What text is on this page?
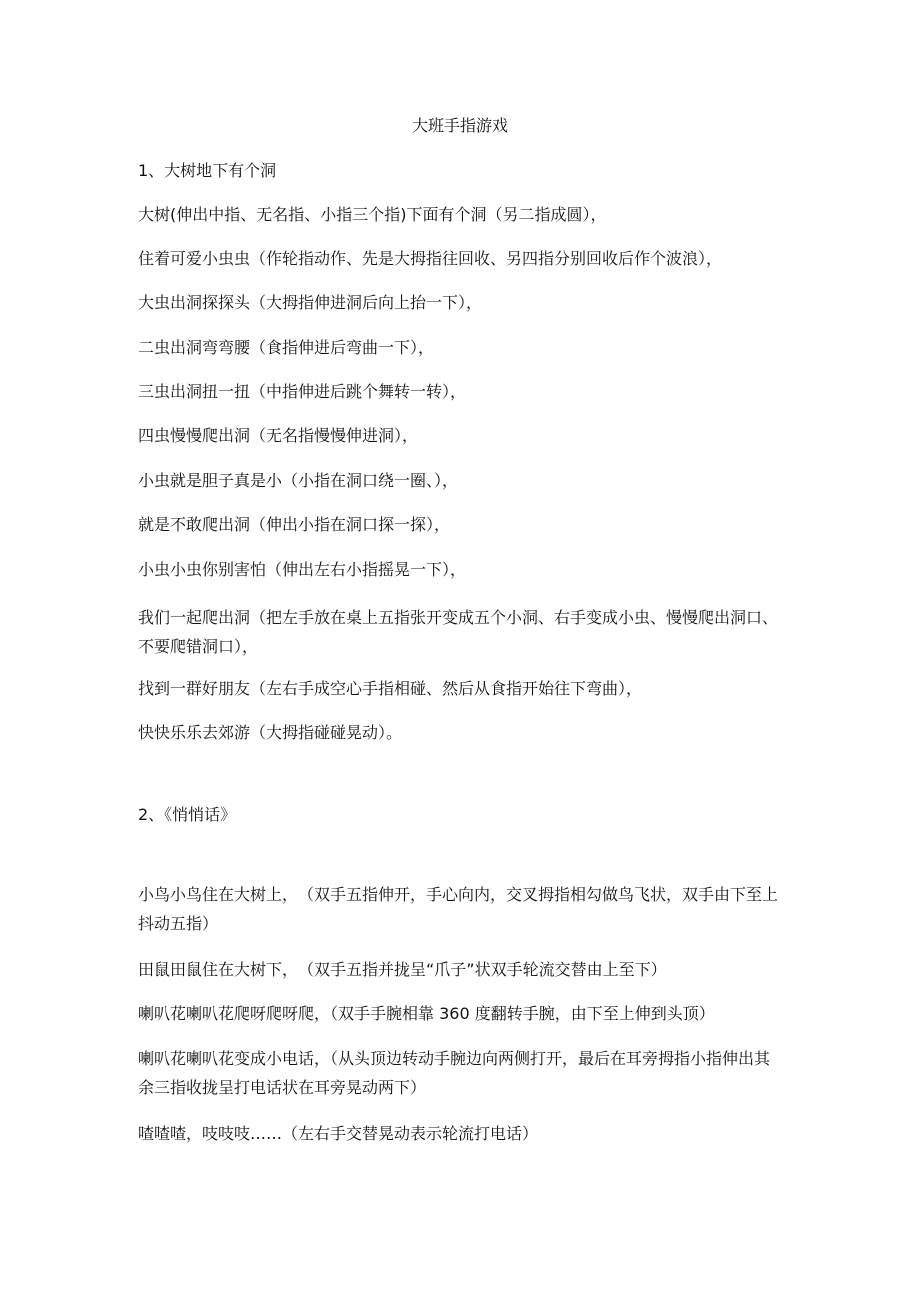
大班手指游戏

1、大树地下有个洞

大树(伸出中指、无名指、小指三个指)下面有个洞（另二指成圆），

住着可爱小虫虫（作轮指动作、先是大拇指往回收、另四指分别回收后作个波浪），

大虫出洞探探头（大拇指伸进洞后向上抬一下），

二虫出洞弯弯腰（食指伸进后弯曲一下），

三虫出洞扭一扭（中指伸进后跳个舞转一转），

四虫慢慢爬出洞（无名指慢慢伸进洞），

小虫就是胆子真是小（小指在洞口绕一圈、），

就是不敢爬出洞（伸出小指在洞口探一探），

小虫小虫你别害怕（伸出左右小指摇晃一下），

我们一起爬出洞（把左手放在桌上五指张开变成五个小洞、右手变成小虫、慢慢爬出洞口、不要爬错洞口），

找到一群好朋友（左右手成空心手指相碰、然后从食指开始往下弯曲），

快快乐乐去郊游（大拇指碰碰晃动）。

2、《悄悄话》

小鸟小鸟住在大树上，　（双手五指伸开，手心向内，交叉拇指相勾做鸟飞状，双手由下至上抖动五指）

田鼠田鼠住在大树下，　（双手五指并拢呈“爪子”状双手轮流交替由上至下）

喇叭花喇叭花爬呀爬呀爬，（双手手腕相靠 360 度翻转手腕，由下至上伸到头顶）

喇叭花喇叭花变成小电话，（从头顶边转动手腕边向两侧打开，最后在耳旁拇指小指伸出其余三指收拢呈打电话状在耳旁晃动两下）

喳喳喳，吱吱吱……（左右手交替晃动表示轮流打电话）
